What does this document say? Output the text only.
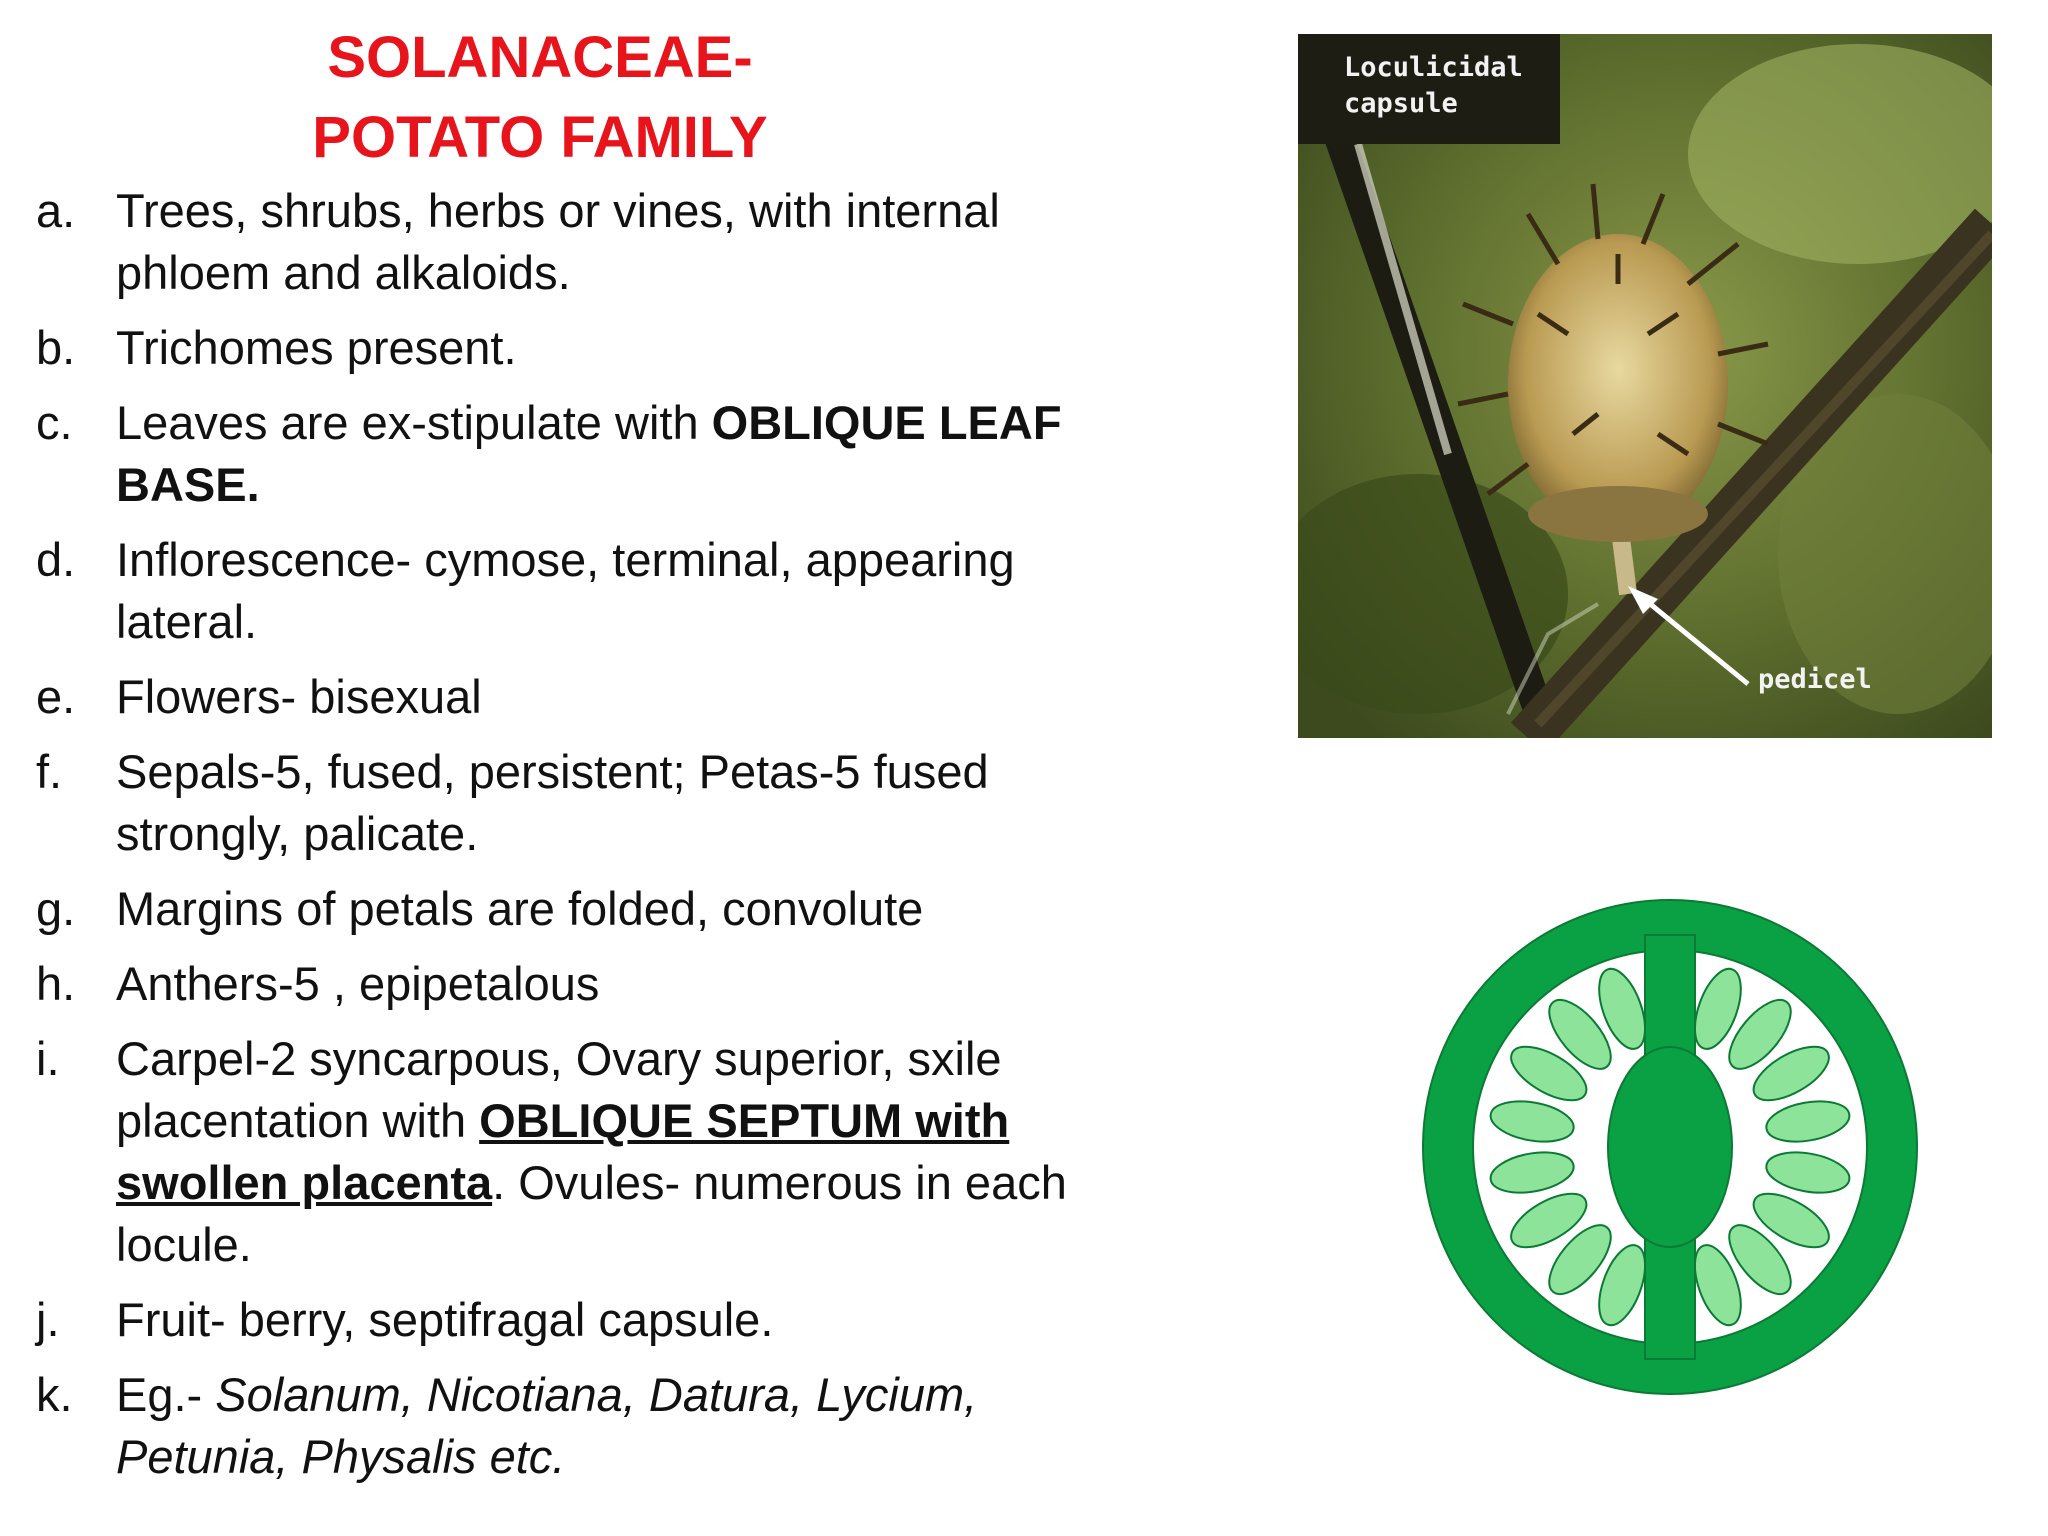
SOLANACEAE-
POTATO FAMILY
a. Trees, shrubs, herbs or vines, with internal phloem and alkaloids.
b. Trichomes present.
c. Leaves are ex-stipulate with OBLIQUE LEAF BASE.
d. Inflorescence- cymose, terminal, appearing lateral.
e. Flowers- bisexual
f.	Sepals-5, fused, persistent; Petas-5 fused strongly, palicate.
g. Margins of petals are folded, convolute
h. Anthers-5 , epipetalous
i.	Carpel-2 syncarpous, Ovary superior, sxile placentation with OBLIQUE SEPTUM with swollen placenta. Ovules- numerous in each locule.
j.	Fruit- berry, septifragal capsule.
k. Eg.- Solanum, Nicotiana, Datura, Lycium, Petunia, Physalis etc.
Loculicidal
capsule
pedicel
